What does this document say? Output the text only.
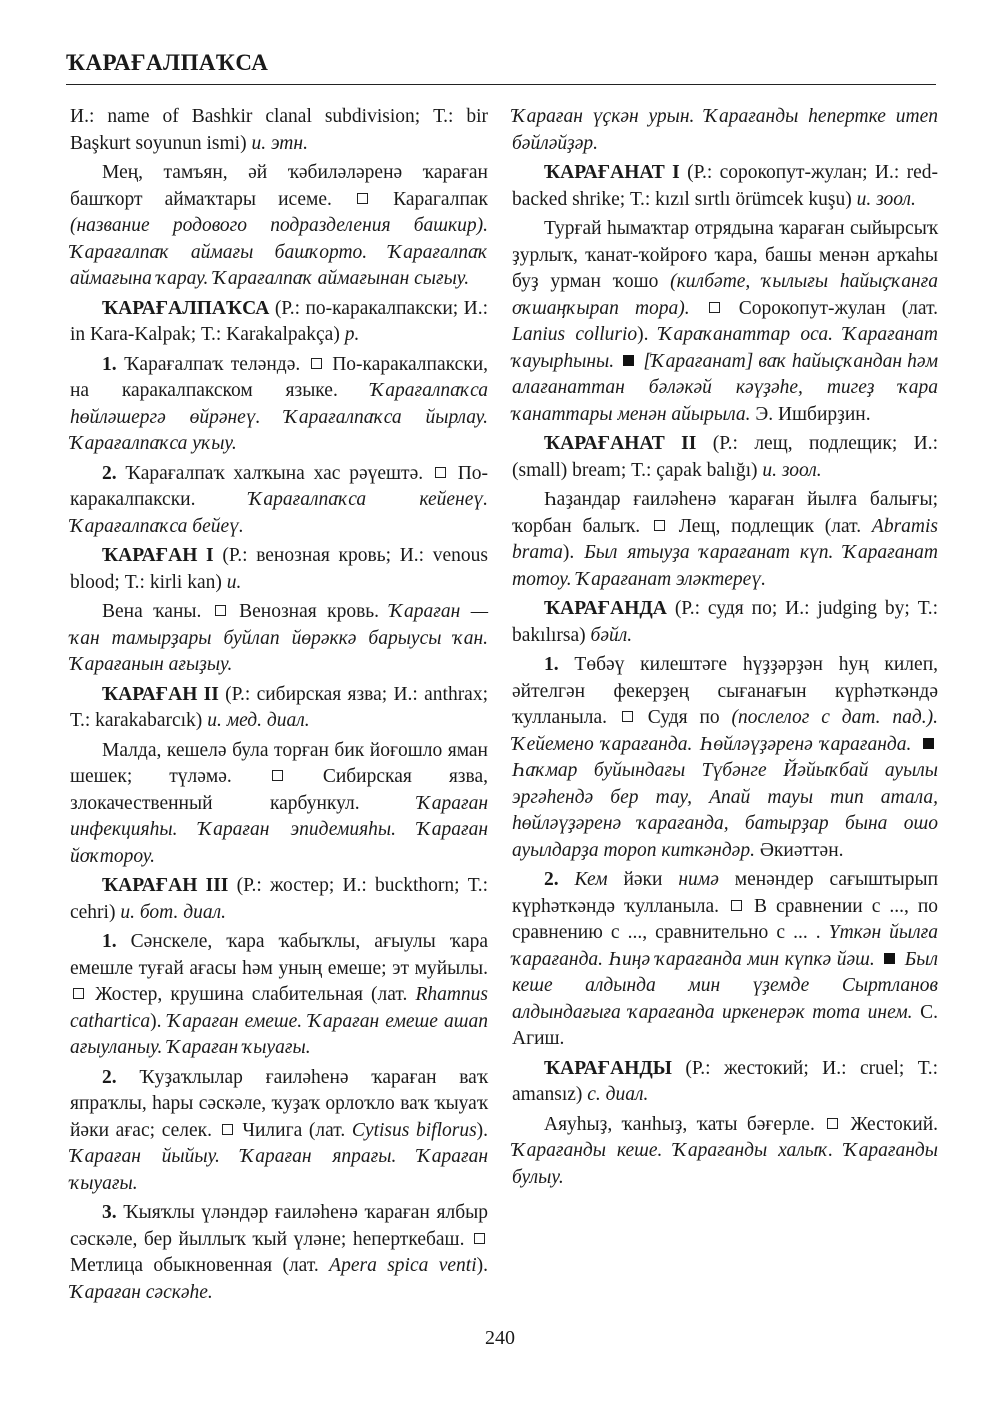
ҠАРАҒАЛПАҠСА

И.: name of Bashkir clanal subdivision; Т.: bir Başkurt soyunun ismi) и. этн.

Мең, тамъян, әй ҡәбиләләренә ҡараған башҡорт аймаҡтары исеме.	Карагалпак (название родового подразделения башкир). Ҡарағалпаҡ аймағы башҡорто. Ҡарағалпаҡ аймағына ҡарау. Ҡарағалпаҡ аймағынан сығыу.

ҠАРАҒАЛПАҠСА (Р.: по-каракалпакски; И.: in Kara-Kalpak; Т.: Karakalpakça) р.

1. Ҡарағалпаҡ теләндә. По-каракалпакски, на каракалпакском языке. Ҡарағалпаҡса һөйләшергә өйрәнеү. Ҡарағалпаҡса йырлау. Ҡарағалпаҡса уҡыу.

2. Ҡарағалпаҡ халҡына хас рәүештә. По-каракалпакски.	Ҡарағалпаҡса кейенеү. Ҡарағалпаҡса бейеү.

ҠАРАҒАН I (Р.: венозная кровь; И.: venous blood; Т.: kirli kan) и.

Вена ҡаны. Венозная кровь. Ҡараған — ҡан тамырҙары буйлап йөрәккә барыусы ҡан. Ҡарағанын ағыҙыу.

ҠАРАҒАН II (Р.: сибирская язва; И.: anthrax; Т.: karakabarcık) и. мед. диал.

Малда, кешелә була торған бик йоғошло яман шешек; түләмә.	Сибирская язва, злокачественный карбункул.	Ҡараған инфекцияһы. Ҡараған эпидемияһы. Ҡараған йоҡтороу.

ҠАРАҒАН III (Р.: жостер; И.: buckthorn; Т.: cehri) и. бот. диал.

1. Сәнскеле, ҡара ҡабыҡлы, ағыулы ҡара емешле туғай ағасы һәм уның емеше; эт муйылы.  Жостер, крушина слабительная (лат. Rhamnus cathartica). Ҡараған емеше. Ҡараған емеше ашап ағыуланыу. Ҡараған ҡыуағы.

2. Ҡуҙаҡлылар ғаиләһенә ҡараған ваҡ япраҡлы, һары сәскәле, ҡуҙаҡ орлоҡло ваҡ ҡыуаҡ йәки ағас; селек. Чилига (лат. Cytisus biflorus). Ҡараған йыйыу. Ҡараған япрағы. Ҡараған ҡыуағы.

3. Ҡыяҡлы үләндәр ғаиләһенә ҡараған ялбыр сәскәле, бер йыллыҡ ҡый үләне; һеперткебаш.  Метлица обыкновенная (лат. Apera spica venti). Ҡараған сәскәһе.

Ҡараған үҫкән урын. Ҡарағанды һепертке итеп бәйләйҙәр.

ҠАРАҒАНАТ I (Р.: сорокопут-жулан; И.: red-backed shrike; Т.: kızıl sırtlı örümcek kuşu) и. зоол.

Турғай һымаҡтар отрядына ҡараған сыйырсыҡ ҙурлыҡ, ҡанат-ҡойроғо ҡара, башы менән арҡаһы буҙ урман ҡошо (килбәте, ҡылығы һайыҫҡанға оҡшаңҡырап тора).	Сорокопут-жулан (лат. Lanius collurio). Ҡараҡанаттар оса. Ҡарағанат ҡауырһыны. [Ҡарағанат] ваҡ һайыҫҡандан һәм алағанаттан бәләкәй кәүҙәһе, тигеҙ ҡара ҡанаттары менән айырыла. Э. Ишбирҙин.

ҠАРАҒАНАТ II (Р.: лещ, подлещик; И.: (small) bream; Т.: çapak balığı) и. зоол.

Һаҙандар ғаиләһенә ҡараған йылға балығы; ҡорбан балыҡ. Лещ, подлещик (лат. Abramis brama). Был ятыуҙа ҡарағанат күп. Ҡарағанат тотоу. Ҡарағанат эләктереү.

ҠАРАҒАНДА (Р.: судя по; И.: judging by; Т.: bakılırsa) бәйл.

1. Төбәү килештәге һүҙҙәрҙән һуң килеп, әйтелгән фекерҙең сығанағын күрһәткәндә ҡулланыла. Судя по (послелог с дат. пад.). Ҡейемено ҡарағанда. Һөйләүҙәренә ҡарағанда.  Һаҡмар буйындағы Түбәнге Йәйыҡбай ауылы эргәһендә бер тау, Апай тауы тип атала, һөйләүҙәренә ҡарағанда, батырҙар бына ошо ауылдарҙа тороп киткәндәр. Әкиәттән.

2. Кем йәки нимә менәндер сағыштырып күрһәткәндә ҡулланыла. В сравнении с ..., по сравнению с ..., сравнительно с ... . Үткән йылға ҡарағанда. Һиңә ҡарағанда мин күпкә йәш. Был кеше алдында мин үҙемде Сыртланов алдындағыға ҡарағанда иркенерәк тота инем. С. Агиш.

ҠАРАҒАНДЫ (Р.: жестокий; И.: cruel; Т.: amansız) с. диал.

Аяуһыҙ, ҡанһыҙ, ҡаты бәғерле. Жестокий. Ҡарағанды кеше. Ҡарағанды халыҡ. Ҡарағанды булыу.

240
